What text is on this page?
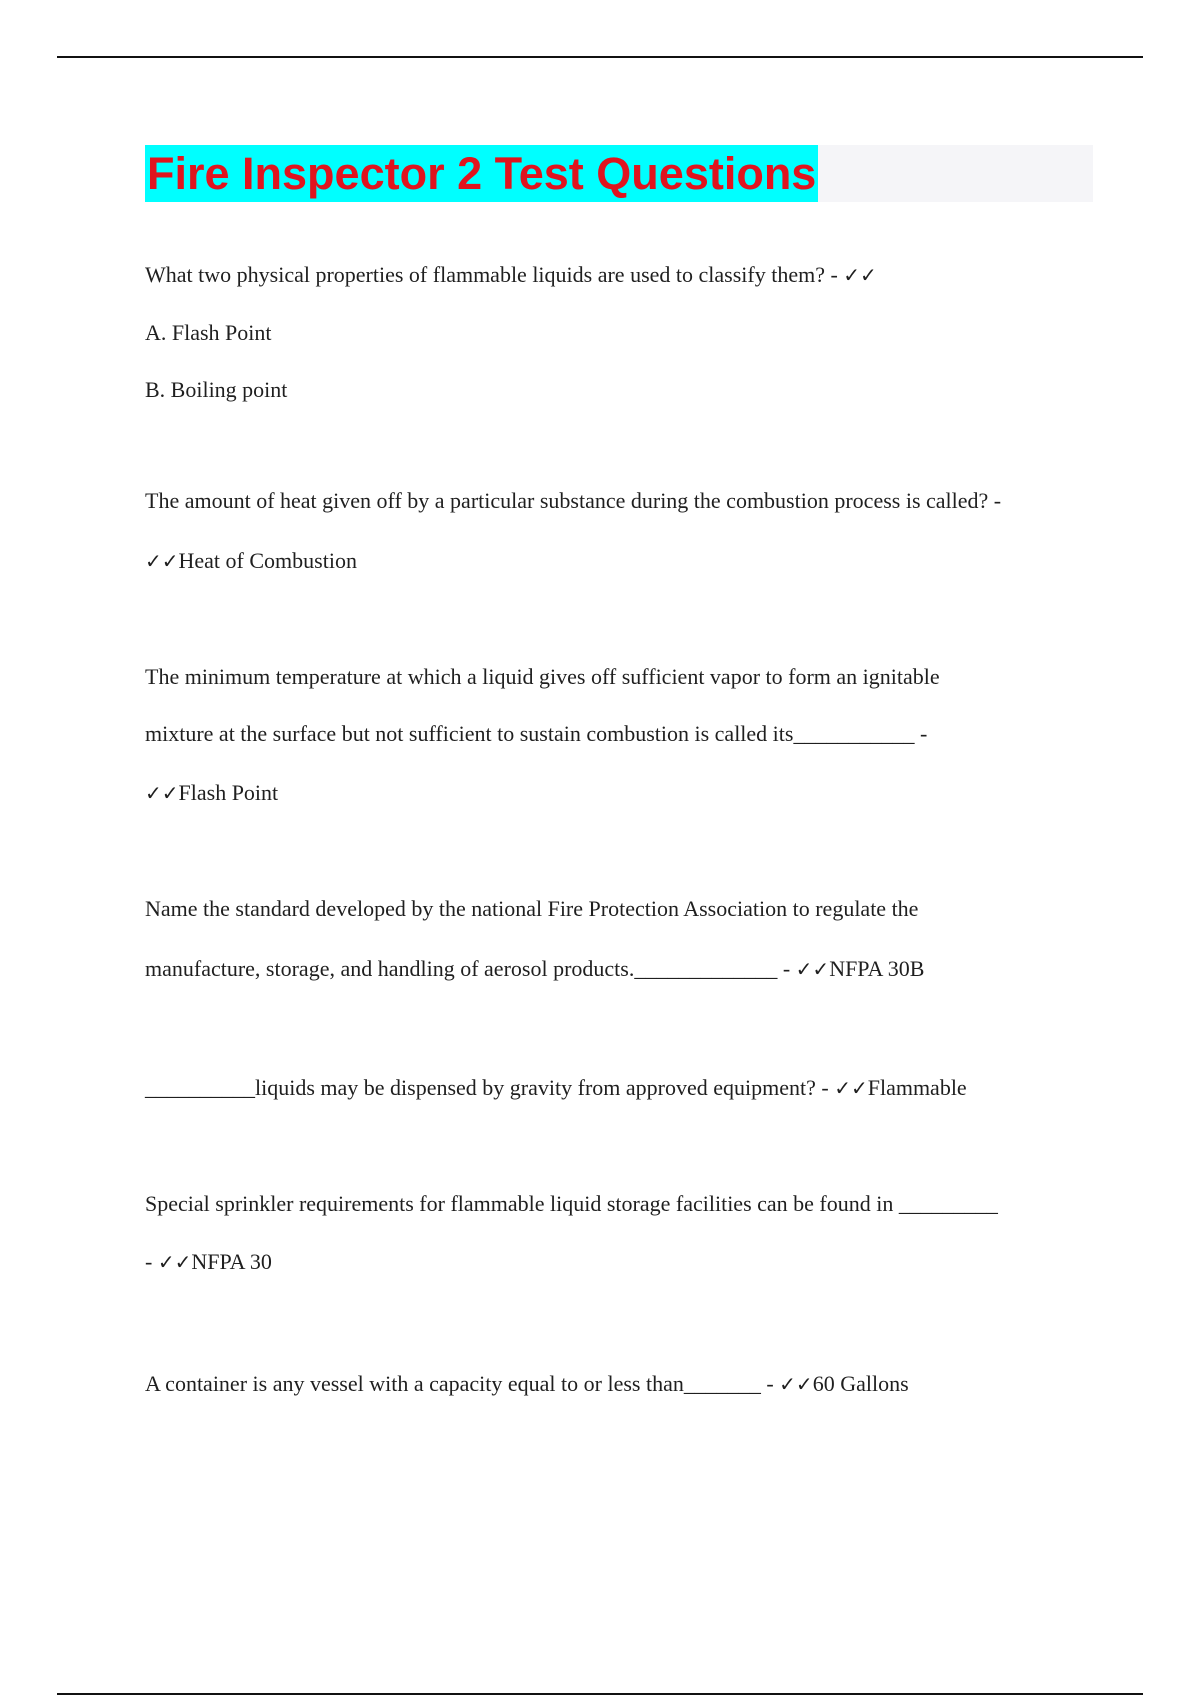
Fire Inspector 2 Test Questions
What two physical properties of flammable liquids are used to classify them? - ✓✓
A. Flash Point
B. Boiling point
The amount of heat given off by a particular substance during the combustion process is called? -
✓✓Heat of Combustion
The minimum temperature at which a liquid gives off sufficient vapor to form an ignitable
mixture at the surface but not sufficient to sustain combustion is called its___________ -
✓✓Flash Point
Name the standard developed by the national Fire Protection Association to regulate the
manufacture, storage, and handling of aerosol products._____________ - ✓✓NFPA 30B
__________liquids may be dispensed by gravity from approved equipment? - ✓✓Flammable
Special sprinkler requirements for flammable liquid storage facilities can be found in _________
- ✓✓NFPA 30
A container is any vessel with a capacity equal to or less than_______ - ✓✓60 Gallons
